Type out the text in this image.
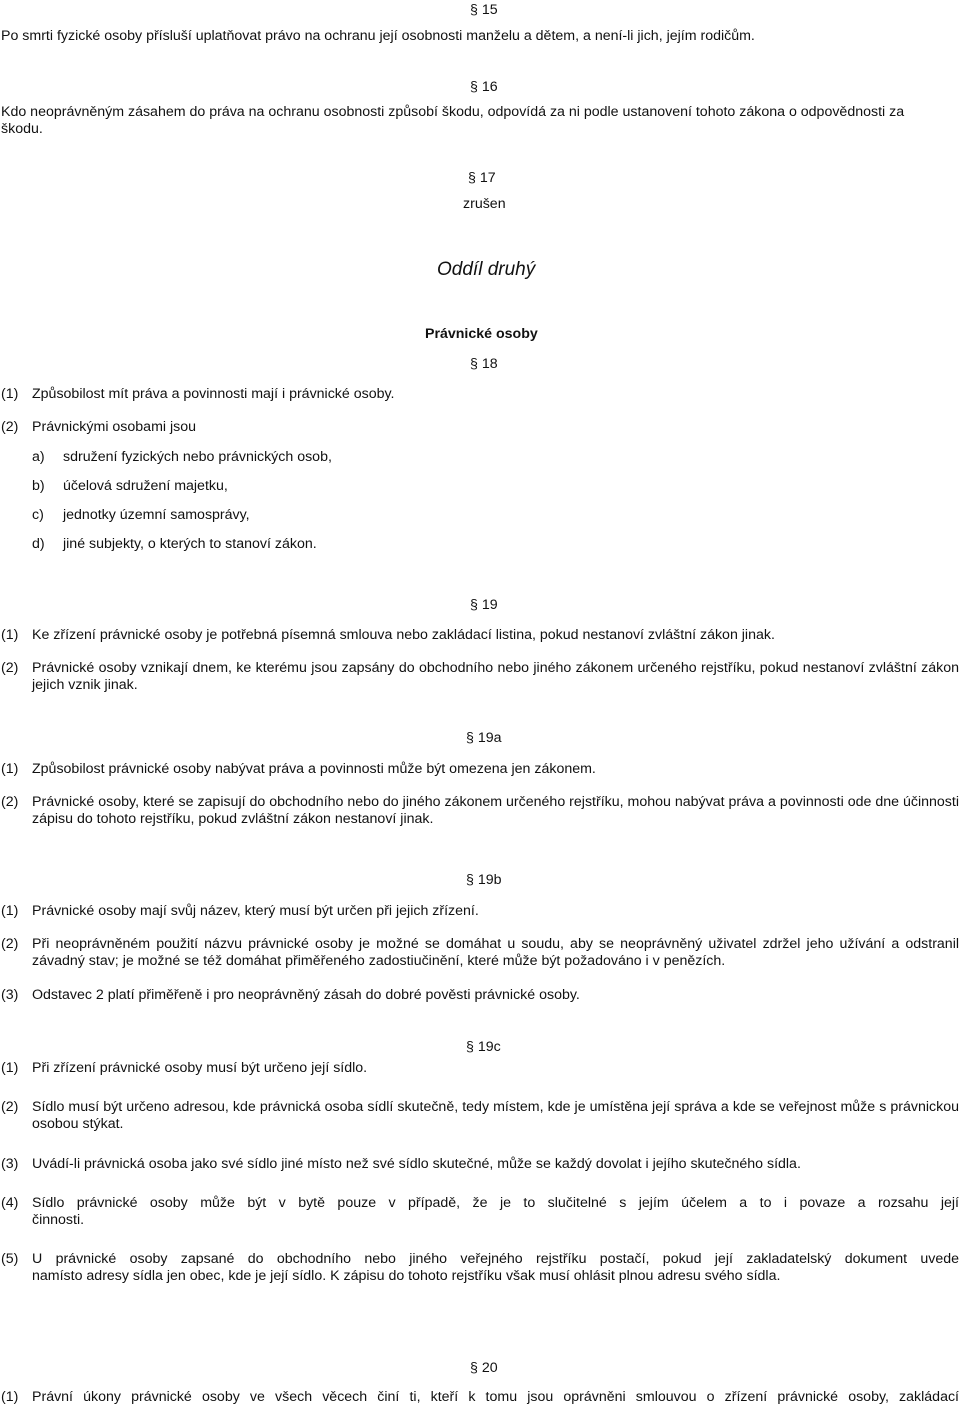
§ 15
Po smrti fyzické osoby přísluší uplatňovat právo na ochranu její osobnosti manželu a dětem, a není-li jich, jejím rodičům.
§ 16
Kdo neoprávněným zásahem do práva na ochranu osobnosti způsobí škodu, odpovídá za ni podle ustanovení tohoto zákona o odpovědnosti za škodu.
§ 17
zrušen
Oddíl druhý
Právnické osoby
§ 18
(1) Způsobilost mít práva a povinnosti mají i právnické osoby.
(2) Právnickými osobami jsou
a) sdružení fyzických nebo právnických osob,
b) účelová sdružení majetku,
c) jednotky územní samosprávy,
d) jiné subjekty, o kterých to stanoví zákon.
§ 19
(1) Ke zřízení právnické osoby je potřebná písemná smlouva nebo zakládací listina, pokud nestanoví zvláštní zákon jinak.
(2) Právnické osoby vznikají dnem, ke kterému jsou zapsány do obchodního nebo jiného zákonem určeného rejstříku, pokud nestanoví zvláštní zákon jejich vznik jinak.
§ 19a
(1) Způsobilost právnické osoby nabývat práva a povinnosti může být omezena jen zákonem.
(2) Právnické osoby, které se zapisují do obchodního nebo do jiného zákonem určeného rejstříku, mohou nabývat práva a povinnosti ode dne účinnosti zápisu do tohoto rejstříku, pokud zvláštní zákon nestanoví jinak.
§ 19b
(1) Právnické osoby mají svůj název, který musí být určen při jejich zřízení.
(2) Při neoprávněném použití názvu právnické osoby je možné se domáhat u soudu, aby se neoprávněný uživatel zdržel jeho užívání a odstranil závadný stav; je možné se též domáhat přiměřeného zadostiučinění, které může být požadováno i v penězích.
(3) Odstavec 2 platí přiměřeně i pro neoprávněný zásah do dobré pověsti právnické osoby.
§ 19c
(1) Při zřízení právnické osoby musí být určeno její sídlo.
(2) Sídlo musí být určeno adresou, kde právnická osoba sídlí skutečně, tedy místem, kde je umístěna její správa a kde se veřejnost může s právnickou osobou stýkat.
(3) Uvádí-li právnická osoba jako své sídlo jiné místo než své sídlo skutečné, může se každý dovolat i jejího skutečného sídla.
(4) Sídlo právnické osoby může být v bytě pouze v případě, že je to slučitelné s jejím účelem a to i povaze a rozsahu její
činnosti.
(5) U právnické osoby zapsané do obchodního nebo jiného veřejného rejstříku postačí, pokud její zakladatelský dokument uvede
namísto adresy sídla jen obec, kde je její sídlo. K zápisu do tohoto rejstříku však musí ohlásit plnou adresu svého sídla.
§ 20
(1) Právní úkony právnické osoby ve všech věcech činí ti, kteří k tomu jsou oprávněni smlouvou o zřízení právnické osoby, zakládací
